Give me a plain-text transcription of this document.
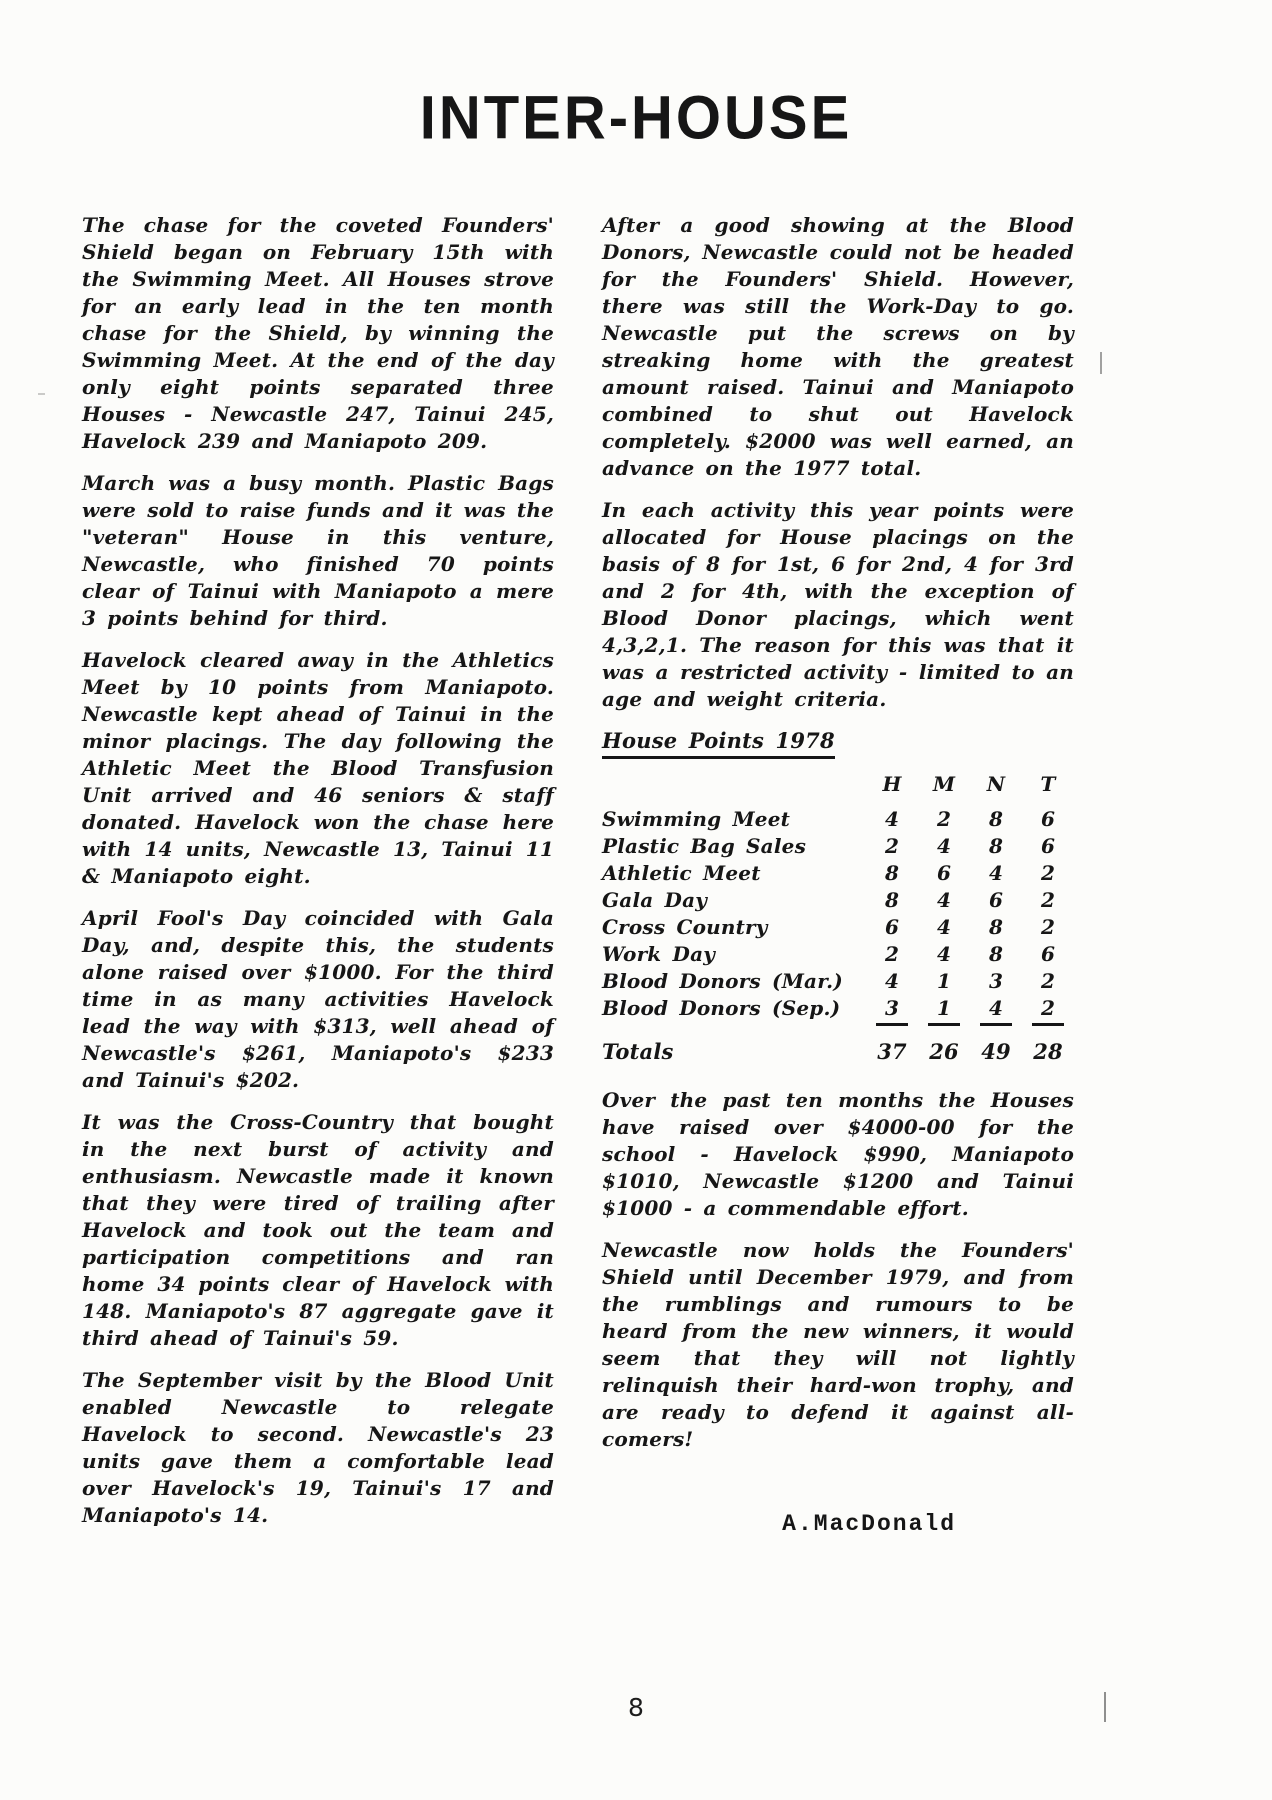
INTER-HOUSE

The chase for the coveted Founders' Shield began on February 15th with the Swimming Meet. All Houses strove for an early lead in the ten month chase for the Shield, by winning the Swimming Meet. At the end of the day only eight points separated three Houses - Newcastle 247, Tainui 245, Havelock 239 and Maniapoto 209.

March was a busy month. Plastic Bags were sold to raise funds and it was the "veteran" House in this venture, Newcastle, who finished 70 points clear of Tainui with Maniapoto a mere 3 points behind for third.

Havelock cleared away in the Athletics Meet by 10 points from Maniapoto. Newcastle kept ahead of Tainui in the minor placings. The day following the Athletic Meet the Blood Transfusion Unit arrived and 46 seniors & staff donated. Havelock won the chase here with 14 units, Newcastle 13, Tainui 11 & Maniapoto eight.

April Fool's Day coincided with Gala Day, and, despite this, the students alone raised over $1000. For the third time in as many activities Havelock lead the way with $313, well ahead of Newcastle's $261, Maniapoto's $233 and Tainui's $202.

It was the Cross-Country that bought in the next burst of activity and enthusiasm. Newcastle made it known that they were tired of trailing after Havelock and took out the team and participation competitions and ran home 34 points clear of Havelock with 148. Maniapoto's 87 aggregate gave it third ahead of Tainui's 59.

The September visit by the Blood Unit enabled Newcastle to relegate Havelock to second. Newcastle's 23 units gave them a comfortable lead over Havelock's 19, Tainui's 17 and Maniapoto's 14.

After a good showing at the Blood Donors, Newcastle could not be headed for the Founders' Shield. However, there was still the Work-Day to go. Newcastle put the screws on by streaking home with the greatest amount raised. Tainui and Maniapoto combined to shut out Havelock completely. $2000 was well earned, an advance on the 1977 total.

In each activity this year points were allocated for House placings on the basis of 8 for 1st, 6 for 2nd, 4 for 3rd and 2 for 4th, with the exception of Blood Donor placings, which went 4,3,2,1. The reason for this was that it was a restricted activity - limited to an age and weight criteria.

House Points 1978
H	M	N	T
Swimming Meet	4	2	8	6
Plastic Bag Sales	2	4	8	6
Athletic Meet	8	6	4	2
Gala Day	8	4	6	2
Cross Country	6	4	8	2
Work Day	2	4	8	6
Blood Donors (Mar.)	4	1	3	2
Blood Donors (Sep.)	3	1	4	2
Totals	37	26	49	28

Over the past ten months the Houses have raised over $4000-00 for the school - Havelock $990, Maniapoto $1010, Newcastle $1200 and Tainui $1000 - a commendable effort.

Newcastle now holds the Founders' Shield until December 1979, and from the rumblings and rumours to be heard from the new winners, it would seem that they will not lightly relinquish their hard-won trophy, and are ready to defend it against all-comers!

A.MacDonald
8
